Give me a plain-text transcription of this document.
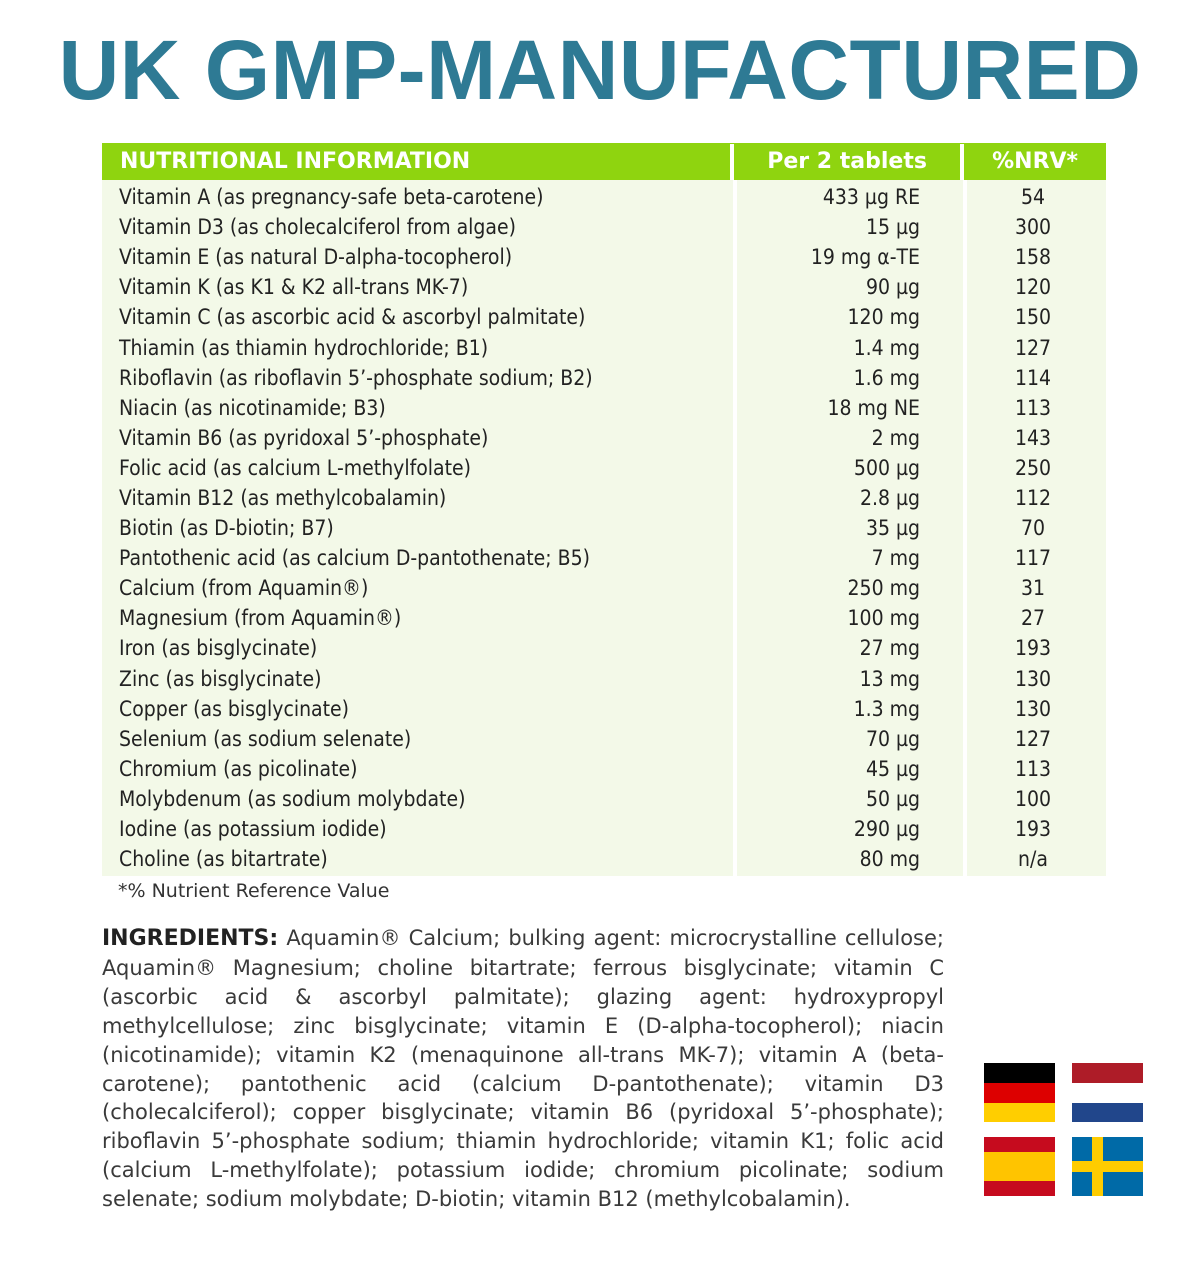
UK GMP-MANUFACTURED
NUTRITIONAL INFORMATION	Per 2 tablets	%NRV*
Vitamin A (as pregnancy-safe beta-carotene)	433 µg RE	54
Vitamin D3 (as cholecalciferol from algae)	15 µg	300
Vitamin E (as natural D-alpha-tocopherol)	19 mg α-TE	158
Vitamin K (as K1 & K2 all-trans MK-7)	90 µg	120
Vitamin C (as ascorbic acid & ascorbyl palmitate)	120 mg	150
Thiamin (as thiamin hydrochloride; B1)	1.4 mg	127
Riboflavin (as riboflavin 5’-phosphate sodium; B2)	1.6 mg	114
Niacin (as nicotinamide; B3)	18 mg NE	113
Vitamin B6 (as pyridoxal 5’-phosphate)	2 mg	143
Folic acid (as calcium L-methylfolate)	500 µg	250
Vitamin B12 (as methylcobalamin)	2.8 µg	112
Biotin (as D-biotin; B7)	35 µg	70
Pantothenic acid (as calcium D-pantothenate; B5)	7 mg	117
Calcium (from Aquamin®)	250 mg	31
Magnesium (from Aquamin®)	100 mg	27
Iron (as bisglycinate)	27 mg	193
Zinc (as bisglycinate)	13 mg	130
Copper (as bisglycinate)	1.3 mg	130
Selenium (as sodium selenate)	70 µg	127
Chromium (as picolinate)	45 µg	113
Molybdenum (as sodium molybdate)	50 µg	100
Iodine (as potassium iodide)	290 µg	193
Choline (as bitartrate)	80 mg	n/a
*% Nutrient Reference Value
INGREDIENTS: Aquamin® Calcium; bulking agent: microcrystalline cellulose; Aquamin® Magnesium; choline bitartrate; ferrous bisglycinate; vitamin C (ascorbic acid & ascorbyl palmitate); glazing agent: hydroxypropyl methylcellulose; zinc bisglycinate; vitamin E (D-alpha-tocopherol); niacin (nicotinamide); vitamin K2 (menaquinone all-trans MK-7); vitamin A (beta-carotene); pantothenic acid (calcium D-pantothenate); vitamin D3 (cholecalciferol); copper bisglycinate; vitamin B6 (pyridoxal 5’-phosphate); riboflavin 5’-phosphate sodium; thiamin hydrochloride; vitamin K1; folic acid (calcium L-methylfolate); potassium iodide; chromium picolinate; sodium selenate; sodium molybdate; D-biotin; vitamin B12 (methylcobalamin).
